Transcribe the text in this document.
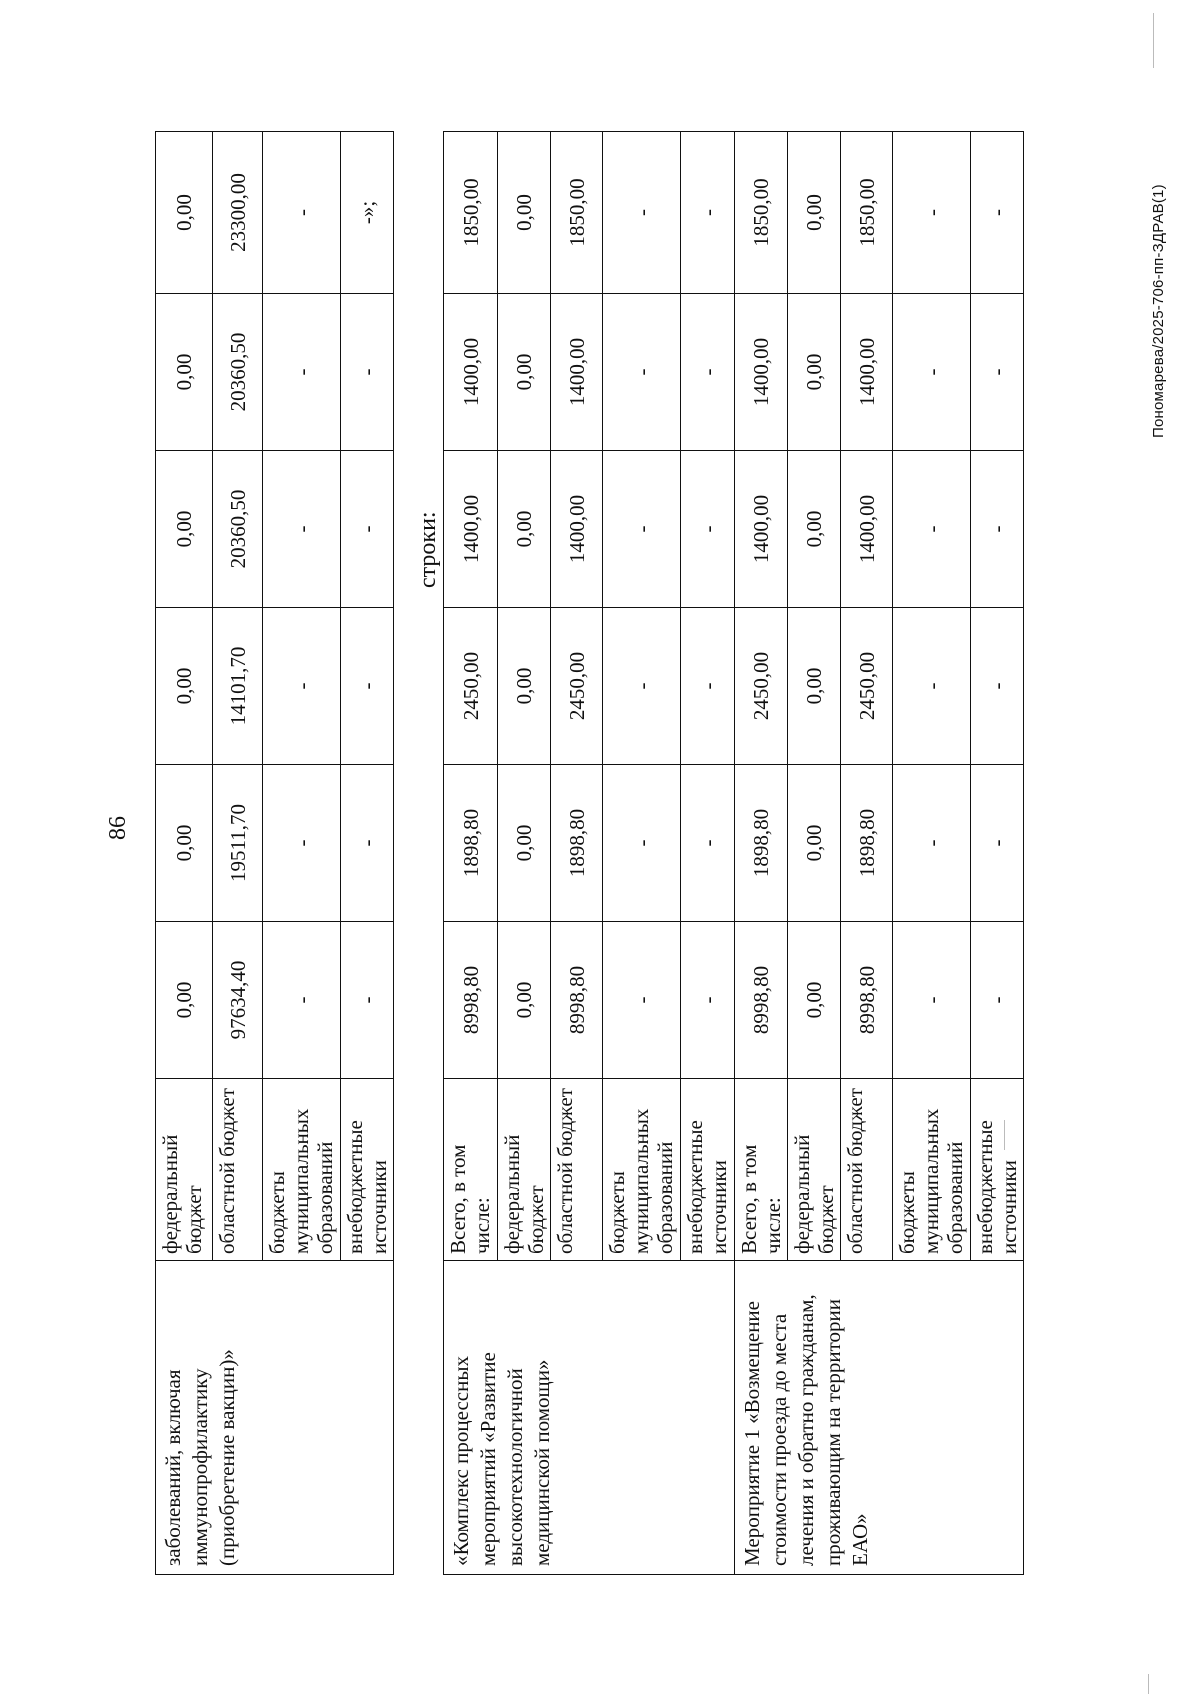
86
заболеваний, включая иммунопрофилактику (приобретение вакцин)»	федеральный бюджет	0,00	0,00	0,00	0,00	0,00	0,00
	областной бюджет	97634,40	19511,70	14101,70	20360,50	20360,50	23300,00
	бюджеты муниципальных образований	-	-	-	-	-	-
	внебюджетные источники	-	-	-	-	-	-»;
строки:
«Комплекс процессных мероприятий «Развитие высокотехнологичной медицинской помощи»	Всего, в том числе:	8998,80	1898,80	2450,00	1400,00	1400,00	1850,00
	федеральный бюджет	0,00	0,00	0,00	0,00	0,00	0,00
	областной бюджет	8998,80	1898,80	2450,00	1400,00	1400,00	1850,00
	бюджеты муниципальных образований	-	-	-	-	-	-
	внебюджетные источники	-	-	-	-	-	-
Мероприятие 1 «Возмещение стоимости проезда до места лечения и обратно гражданам, проживающим на территории ЕАО»	Всего, в том числе:	8998,80	1898,80	2450,00	1400,00	1400,00	1850,00
	федеральный бюджет	0,00	0,00	0,00	0,00	0,00	0,00
	областной бюджет	8998,80	1898,80	2450,00	1400,00	1400,00	1850,00
	бюджеты муниципальных образований	-	-	-	-	-	-
	внебюджетные источники	-	-	-	-	-	-	Пономарева/2025-706-пп-ЗДРАВ(1)
